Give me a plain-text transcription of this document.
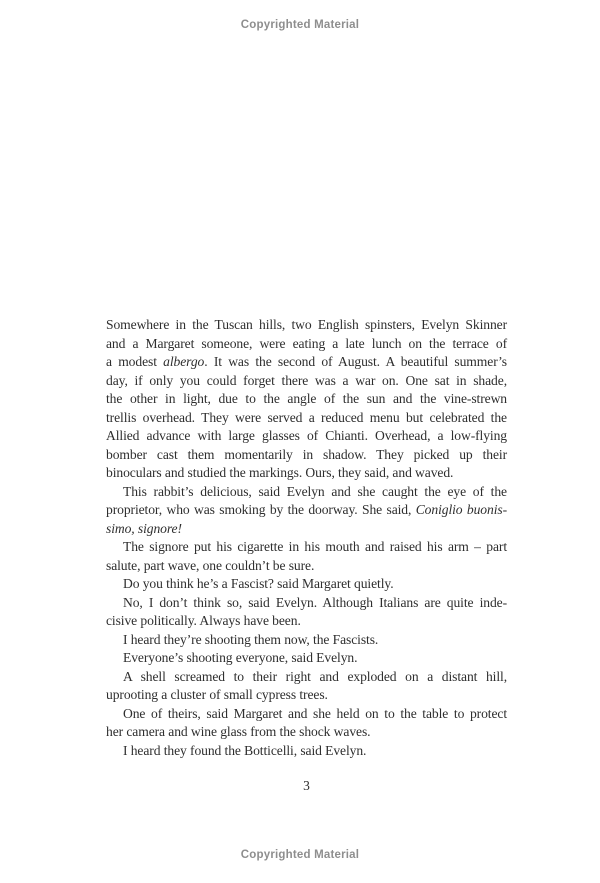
Copyrighted Material
Somewhere in the Tuscan hills, two English spinsters, Evelyn Skinner
and a Margaret someone, were eating a late lunch on the terrace of
a modest albergo. It was the second of August. A beautiful summer’s
day, if only you could forget there was a war on. One sat in shade,
the other in light, due to the angle of the sun and the vine-strewn
trellis overhead. They were served a reduced menu but celebrated the
Allied advance with large glasses of Chianti. Overhead, a low-flying
bomber cast them momentarily in shadow. They picked up their
binoculars and studied the markings. Ours, they said, and waved.
This rabbit’s delicious, said Evelyn and she caught the eye of the
proprietor, who was smoking by the doorway. She said, Coniglio buonis-
simo, signore!
The signore put his cigarette in his mouth and raised his arm – part
salute, part wave, one couldn’t be sure.
Do you think he’s a Fascist? said Margaret quietly.
No, I don’t think so, said Evelyn. Although Italians are quite inde-
cisive politically. Always have been.
I heard they’re shooting them now, the Fascists.
Everyone’s shooting everyone, said Evelyn.
A shell screamed to their right and exploded on a distant hill,
uprooting a cluster of small cypress trees.
One of theirs, said Margaret and she held on to the table to protect
her camera and wine glass from the shock waves.
I heard they found the Botticelli, said Evelyn.
3
Copyrighted Material
